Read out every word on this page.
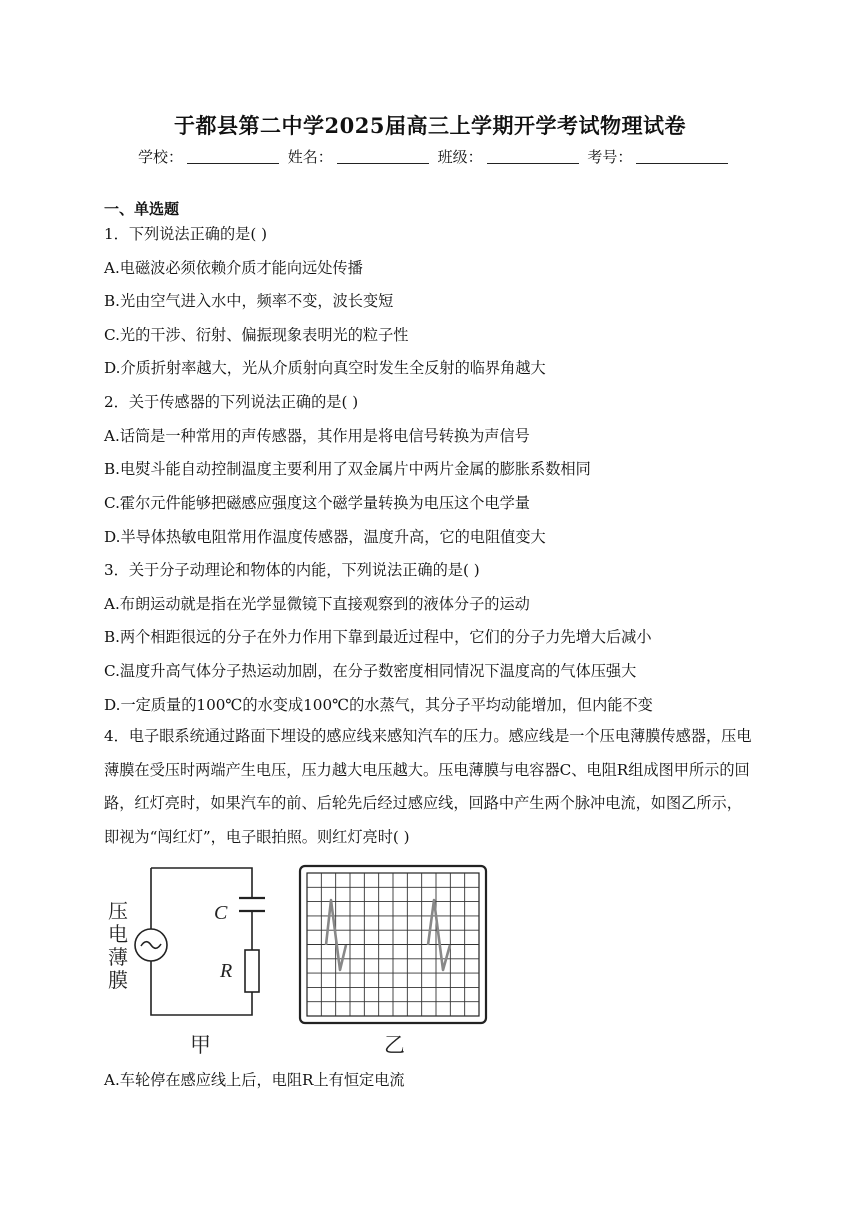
于都县第二中学2025届高三上学期开学考试物理试卷
学校：	姓名：	班级：	考号：
一、单选题
1．下列说法正确的是( )
A.电磁波必须依赖介质才能向远处传播
B.光由空气进入水中，频率不变，波长变短
C.光的干涉、衍射、偏振现象表明光的粒子性
D.介质折射率越大，光从介质射向真空时发生全反射的临界角越大
2．关于传感器的下列说法正确的是( )
A.话筒是一种常用的声传感器，其作用是将电信号转换为声信号
B.电熨斗能自动控制温度主要利用了双金属片中两片金属的膨胀系数相同
C.霍尔元件能够把磁感应强度这个磁学量转换为电压这个电学量
D.半导体热敏电阻常用作温度传感器，温度升高，它的电阻值变大
3．关于分子动理论和物体的内能，下列说法正确的是( )
A.布朗运动就是指在光学显微镜下直接观察到的液体分子的运动
B.两个相距很远的分子在外力作用下靠到最近过程中，它们的分子力先增大后减小
C.温度升高气体分子热运动加剧，在分子数密度相同情况下温度高的气体压强大
D.一定质量的100℃的水变成100℃的水蒸气，其分子平均动能增加，但内能不变
4．电子眼系统通过路面下埋设的感应线来感知汽车的压力。感应线是一个压电薄膜传感器，压电薄膜在受压时两端产生电压，压力越大电压越大。压电薄膜与电容器C、电阻R组成图甲所示的回路，红灯亮时，如果汽车的前、后轮先后经过感应线，回路中产生两个脉冲电流，如图乙所示，即视为“闯红灯”，电子眼拍照。则红灯亮时( )
压
电
薄
膜
C
R
甲	乙
A.车轮停在感应线上后，电阻R上有恒定电流
